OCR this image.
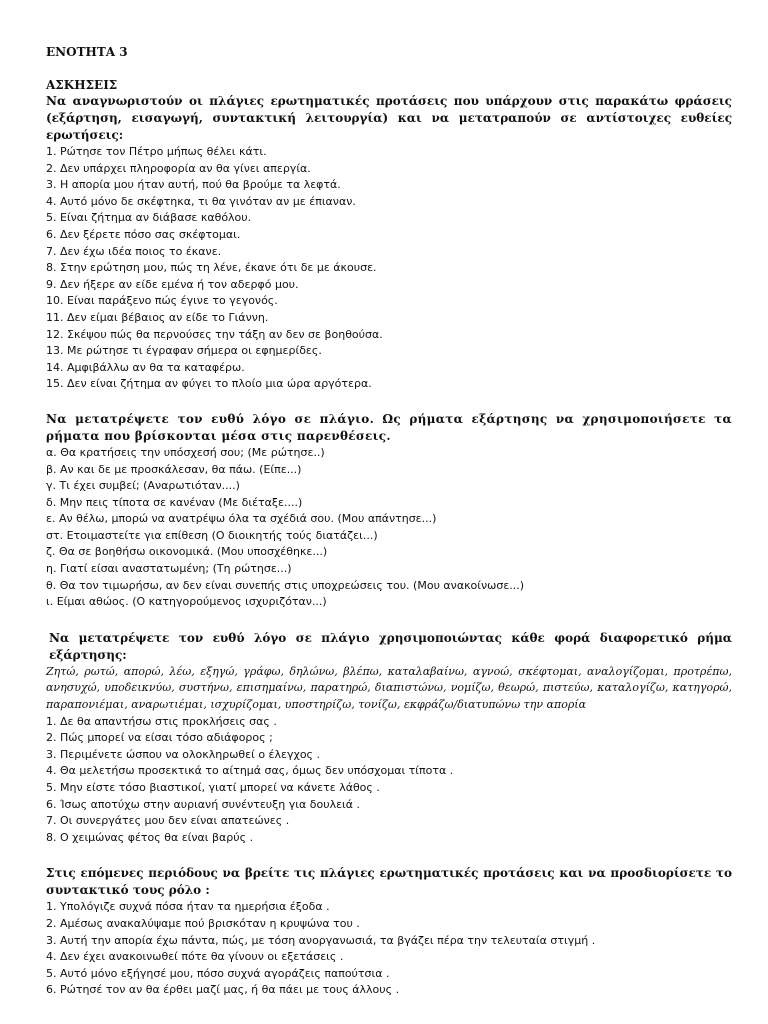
ΕΝΟΤΗΤΑ 3
ΑΣΚΗΣΕΙΣ
Να αναγνωριστούν οι πλάγιες ερωτηματικές προτάσεις που υπάρχουν στις παρακάτω φράσεις (εξάρτηση, εισαγωγή, συντακτική λειτουργία) και να μετατραπούν σε αντίστοιχες ευθείες ερωτήσεις:
1. Ρώτησε τον Πέτρο μήπως θέλει κάτι.
2. Δεν υπάρχει πληροφορία αν θα γίνει απεργία.
3. Η απορία μου ήταν αυτή, πού θα βρούμε τα λεφτά.
4. Αυτό μόνο δε σκέφτηκα, τι θα γινόταν αν με έπιαναν.
5. Είναι ζήτημα αν διάβασε καθόλου.
6. Δεν ξέρετε πόσο σας σκέφτομαι.
7. Δεν έχω ιδέα ποιος το έκανε.
8. Στην ερώτηση μου, πώς τη λένε, έκανε ότι δε με άκουσε.
9. Δεν ήξερε αν είδε εμένα ή τον αδερφό μου.
10. Είναι παράξενο πώς έγινε το γεγονός.
11. Δεν είμαι βέβαιος αν είδε το Γιάννη.
12. Σκέψου πώς θα περνούσες την τάξη αν δεν σε βοηθούσα.
13. Με ρώτησε τι έγραφαν σήμερα οι εφημερίδες.
14. Αμφιβάλλω αν θα τα καταφέρω.
15. Δεν είναι ζήτημα αν φύγει το πλοίο μια ώρα αργότερα.
Να μετατρέψετε τον ευθύ λόγο σε πλάγιο. Ως ρήματα εξάρτησης να χρησιμοποιήσετε τα ρήματα που βρίσκονται μέσα στις παρενθέσεις.
α. Θα κρατήσεις την υπόσχεσή σου; (Με ρώτησε..)
β. Αν και δε με προσκάλεσαν, θα πάω. (Είπε...)
γ. Τι έχει συμβεί; (Αναρωτιόταν....)
δ. Μην πεις τίποτα σε κανέναν (Με διέταξε....)
ε. Αν θέλω, μπορώ να ανατρέψω όλα τα σχέδιά σου. (Μου απάντησε...)
στ. Ετοιμαστείτε για επίθεση (Ο διοικητής τούς διατάζει...)
ζ. Θα σε βοηθήσω οικονομικά. (Μου υποσχέθηκε...)
η. Γιατί είσαι αναστατωμένη; (Τη ρώτησε...)
θ. Θα τον τιμωρήσω, αν δεν είναι συνεπής στις υποχρεώσεις του. (Μου ανακοίνωσε...)
ι. Είμαι αθώος. (Ο κατηγορούμενος ισχυριζόταν...)
Να μετατρέψετε τον ευθύ λόγο σε πλάγιο χρησιμοποιώντας κάθε φορά διαφορετικό ρήμα εξάρτησης:
Ζητώ, ρωτώ, απορώ, λέω, εξηγώ, γράφω, δηλώνω, βλέπω, καταλαβαίνω, αγνοώ, σκέφτομαι, αναλογίζομαι, προτρέπω, ανησυχώ, υποδεικνύω, συστήνω, επισημαίνω, παρατηρώ, διαπιστώνω, νομίζω, θεωρώ, πιστεύω, καταλογίζω, κατηγορώ, παραπονιέμαι, αναρωτιέμαι, ισχυρίζομαι, υποστηρίζω, τονίζω, εκφράζω/διατυπώνω την απορία
1. Δε θα απαντήσω στις προκλήσεις σας .
2. Πώς μπορεί να είσαι τόσο αδιάφορος ;
3. Περιμένετε ώσπου να ολοκληρωθεί ο έλεγχος .
4. Θα μελετήσω προσεκτικά το αίτημά σας, όμως δεν υπόσχομαι τίποτα .
5. Μην είστε τόσο βιαστικοί, γιατί μπορεί να κάνετε λάθος .
6. Ίσως αποτύχω στην αυριανή συνέντευξη για δουλειά .
7. Οι συνεργάτες μου δεν είναι απατεώνες .
8. Ο χειμώνας φέτος θα είναι βαρύς .
Στις επόμενες περιόδους να βρείτε τις πλάγιες ερωτηματικές προτάσεις και να προσδιορίσετε το συντακτικό τους ρόλο :
1. Υπολόγιζε συχνά πόσα ήταν τα ημερήσια έξοδα .
2. Αμέσως ανακαλύψαμε πού βρισκόταν η κρυψώνα του .
3. Αυτή την απορία έχω πάντα, πώς, με τόση ανοργανωσιά, τα βγάζει πέρα την τελευταία στιγμή .
4. Δεν έχει ανακοινωθεί πότε θα γίνουν οι εξετάσεις .
5. Αυτό μόνο εξήγησέ μου, πόσο συχνά αγοράζεις παπούτσια .
6. Ρώτησέ τον αν θα έρθει μαζί μας, ή θα πάει με τους άλλους .
